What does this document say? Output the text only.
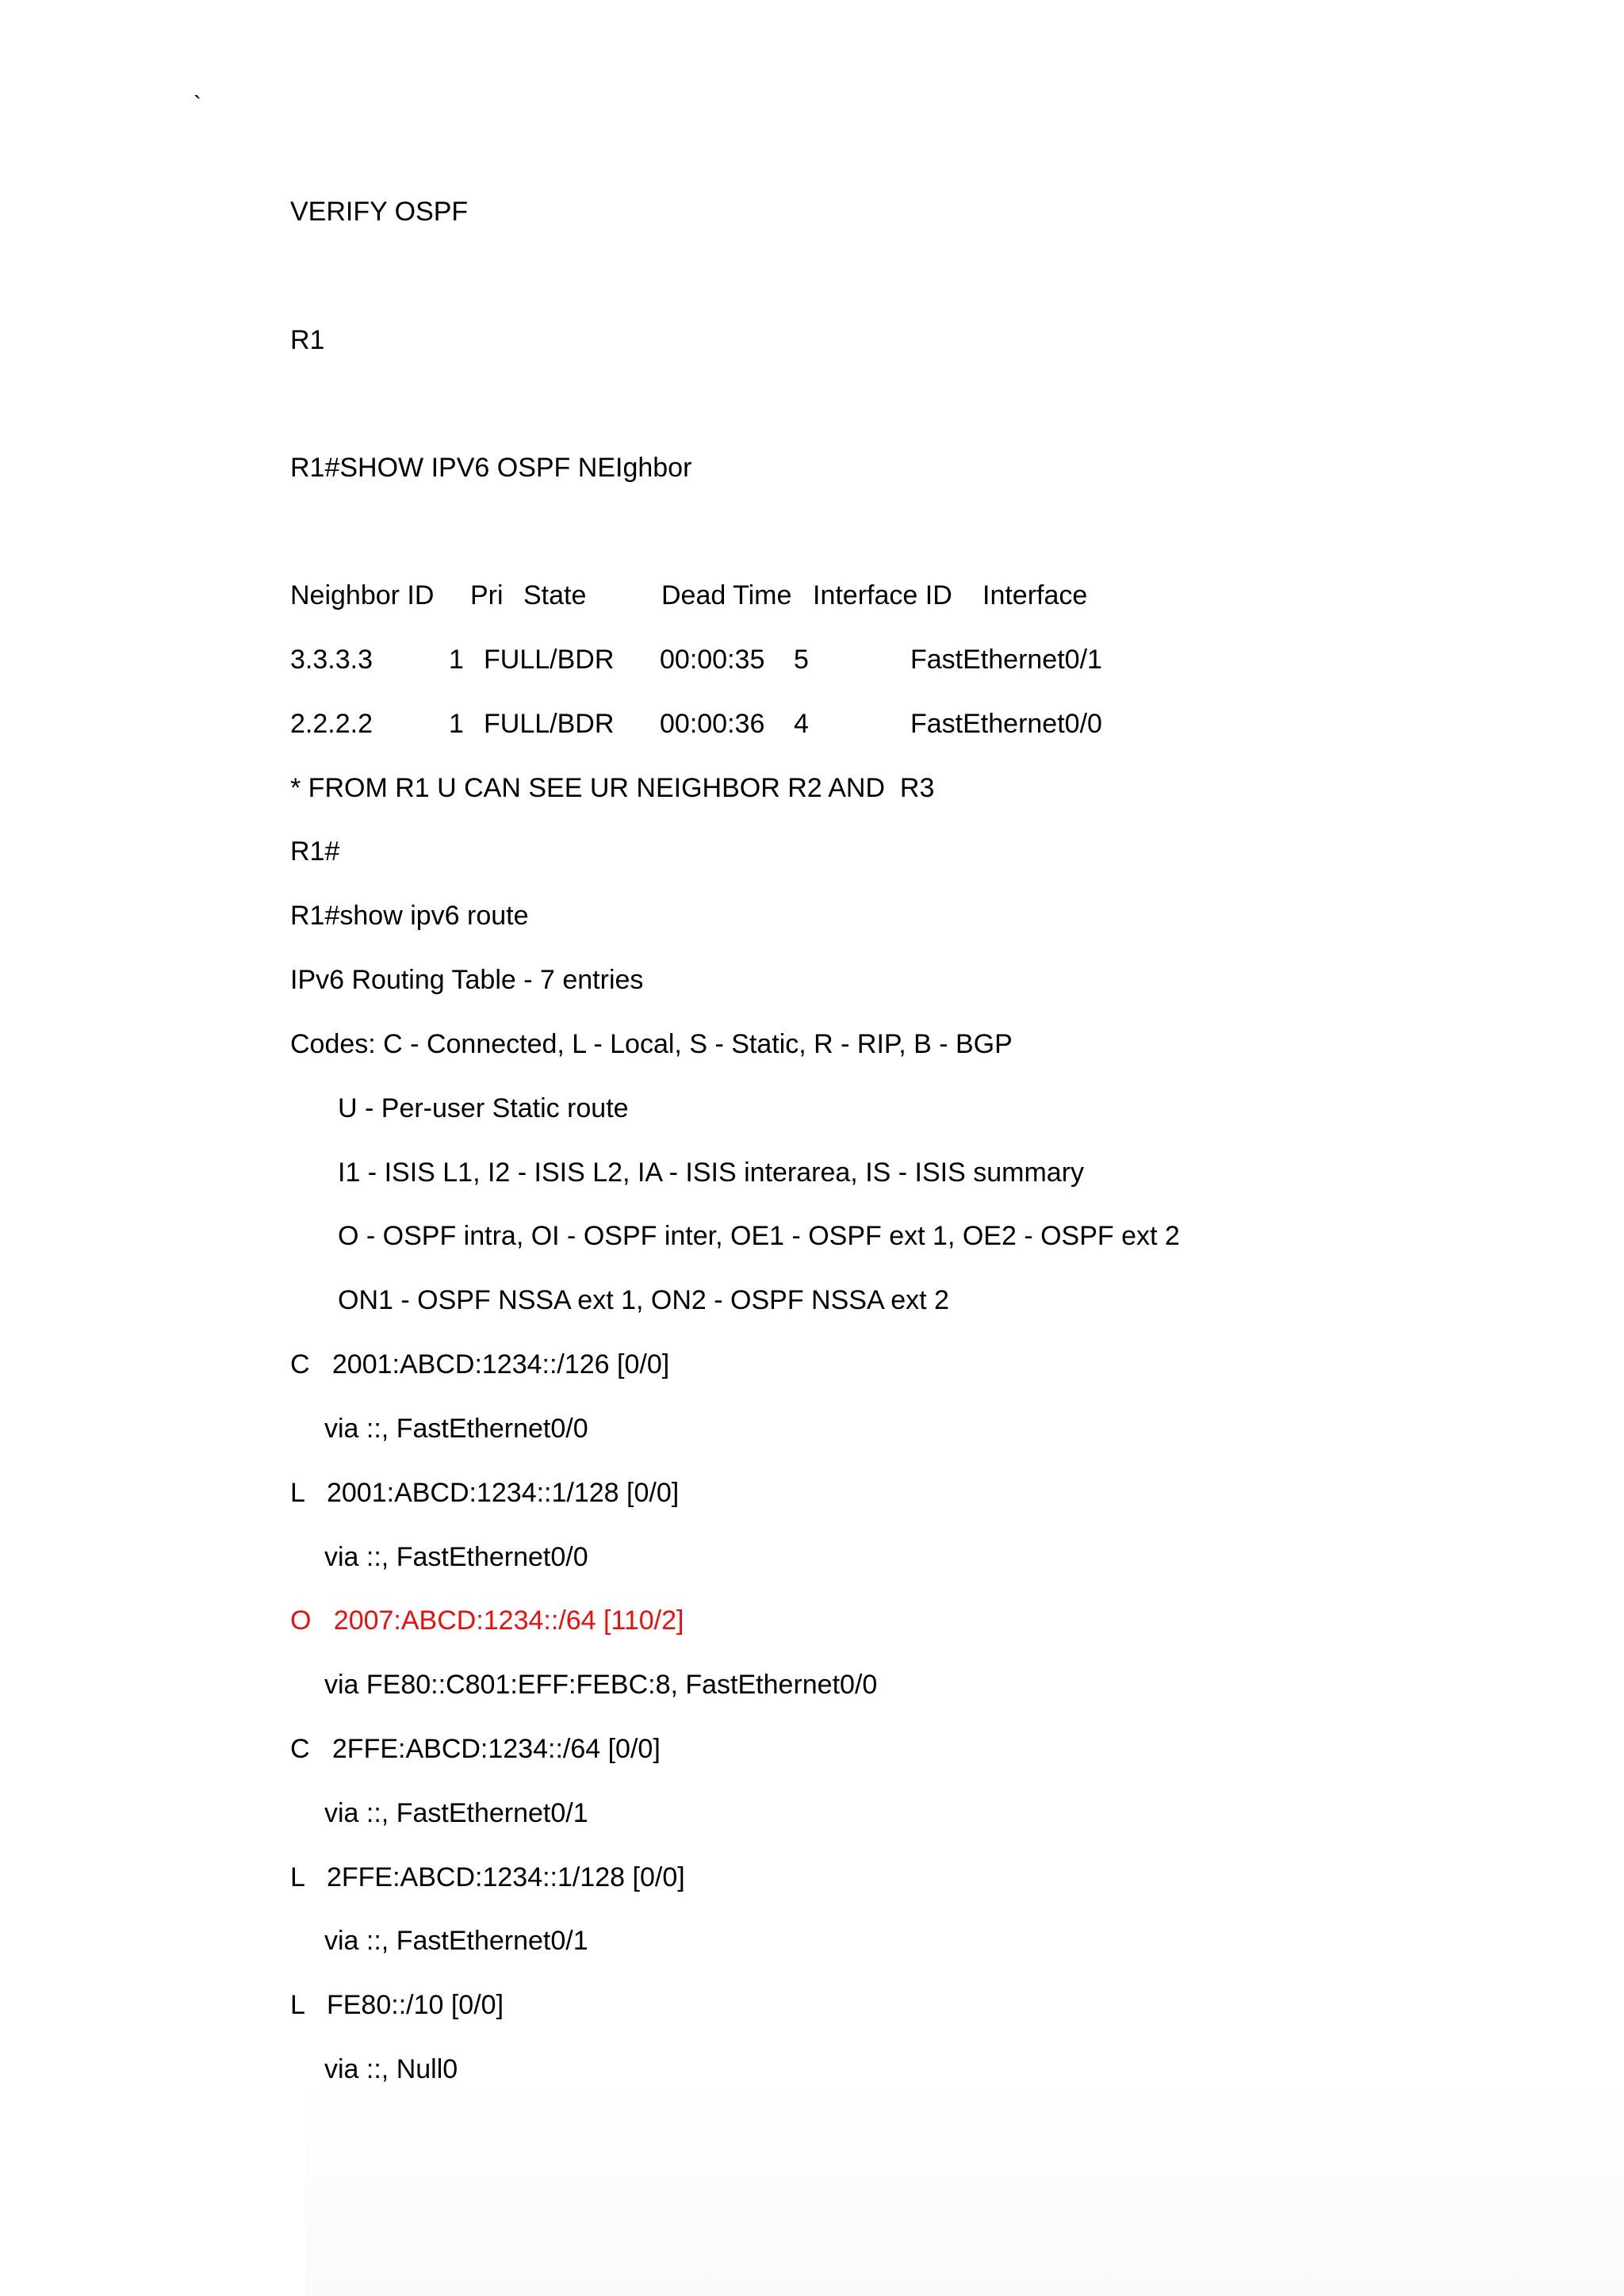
`
VERIFY OSPF
R1
R1#SHOW IPV6 OSPF NEIghbor
Neighbor ID Pri State	Dead Time Interface ID Interface
3.3.3.3	1 FULL/BDR 00:00:35 5	FastEthernet0/1
2.2.2.2	1 FULL/BDR 00:00:36 4	FastEthernet0/0
* FROM R1 U CAN SEE UR NEIGHBOR R2 AND  R3
R1#
R1#show ipv6 route
IPv6 Routing Table - 7 entries
Codes: C - Connected, L - Local, S - Static, R - RIP, B - BGP
U - Per-user Static route
I1 - ISIS L1, I2 - ISIS L2, IA - ISIS interarea, IS - ISIS summary
O - OSPF intra, OI - OSPF inter, OE1 - OSPF ext 1, OE2 - OSPF ext 2
ON1 - OSPF NSSA ext 1, ON2 - OSPF NSSA ext 2
C   2001:ABCD:1234::/126 [0/0]
via ::, FastEthernet0/0
L   2001:ABCD:1234::1/128 [0/0]
via ::, FastEthernet0/0
O   2007:ABCD:1234::/64 [110/2]
via FE80::C801:EFF:FEBC:8, FastEthernet0/0
C   2FFE:ABCD:1234::/64 [0/0]
via ::, FastEthernet0/1
L   2FFE:ABCD:1234::1/128 [0/0]
via ::, FastEthernet0/1
L   FE80::/10 [0/0]
via ::, Null0
